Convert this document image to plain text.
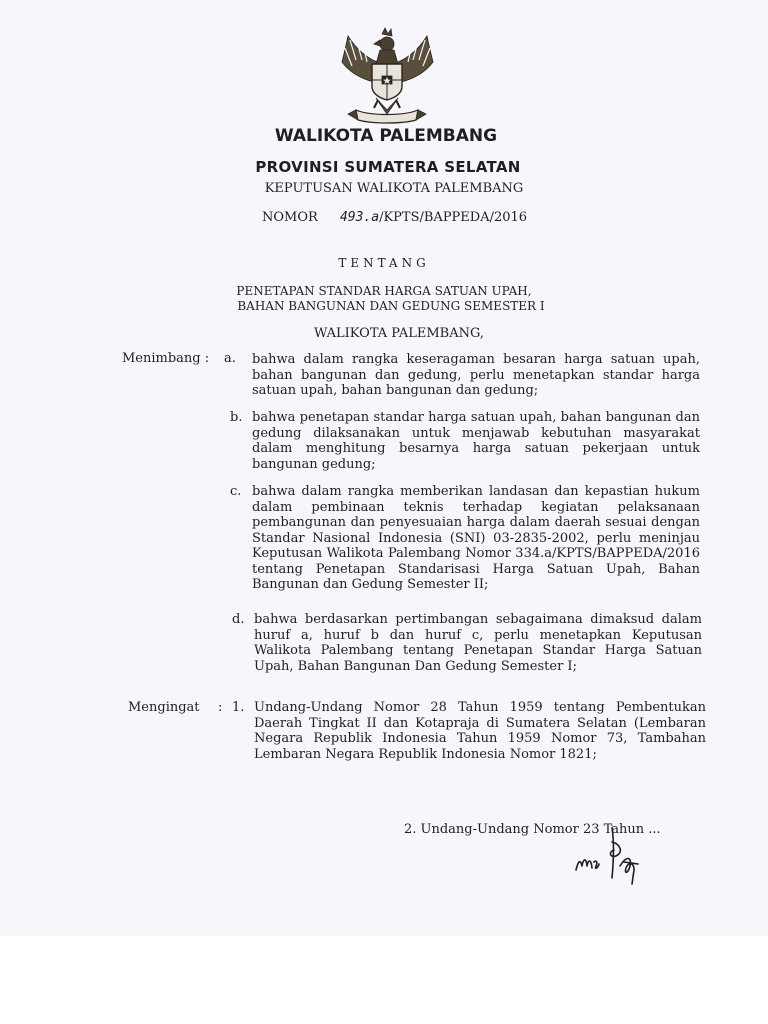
WALIKOTA PALEMBANG
PROVINSI SUMATERA SELATAN
KEPUTUSAN WALIKOTA PALEMBANG
NOMOR 493.a/KPTS/BAPPEDA/2016
TENTANG
PENETAPAN STANDAR HARGA SATUAN UPAH,
BAHAN BANGUNAN DAN GEDUNG SEMESTER I
WALIKOTA PALEMBANG,
Menimbang : a. bahwa dalam rangka keseragaman besaran harga satuan upah, bahan bangunan dan gedung, perlu menetapkan standar harga satuan upah, bahan bangunan dan gedung;

b. bahwa penetapan standar harga satuan upah, bahan bangunan dan gedung dilaksanakan untuk menjawab kebutuhan masyarakat dalam menghitung besarnya harga satuan pekerjaan untuk bangunan gedung;

c. bahwa dalam rangka memberikan landasan dan kepastian hukum dalam pembinaan teknis terhadap kegiatan pelaksanaan pembangunan dan penyesuaian harga dalam daerah sesuai dengan Standar Nasional Indonesia (SNI) 03-2835-2002, perlu meninjau Keputusan Walikota Palembang Nomor 334.a/KPTS/BAPPEDA/2016 tentang Penetapan Standarisasi Harga Satuan Upah, Bahan Bangunan dan Gedung Semester II;

d. bahwa berdasarkan pertimbangan sebagaimana dimaksud dalam huruf a, huruf b dan huruf c, perlu menetapkan Keputusan Walikota Palembang tentang Penetapan Standar Harga Satuan Upah, Bahan Bangunan Dan Gedung Semester I;

Mengingat : 1. Undang-Undang Nomor 28 Tahun 1959 tentang Pembentukan Daerah Tingkat II dan Kotapraja di Sumatera Selatan (Lembaran Negara Republik Indonesia Tahun 1959 Nomor 73, Tambahan Lembaran Negara Republik Indonesia Nomor 1821;

2. Undang-Undang Nomor 23 Tahun ...
